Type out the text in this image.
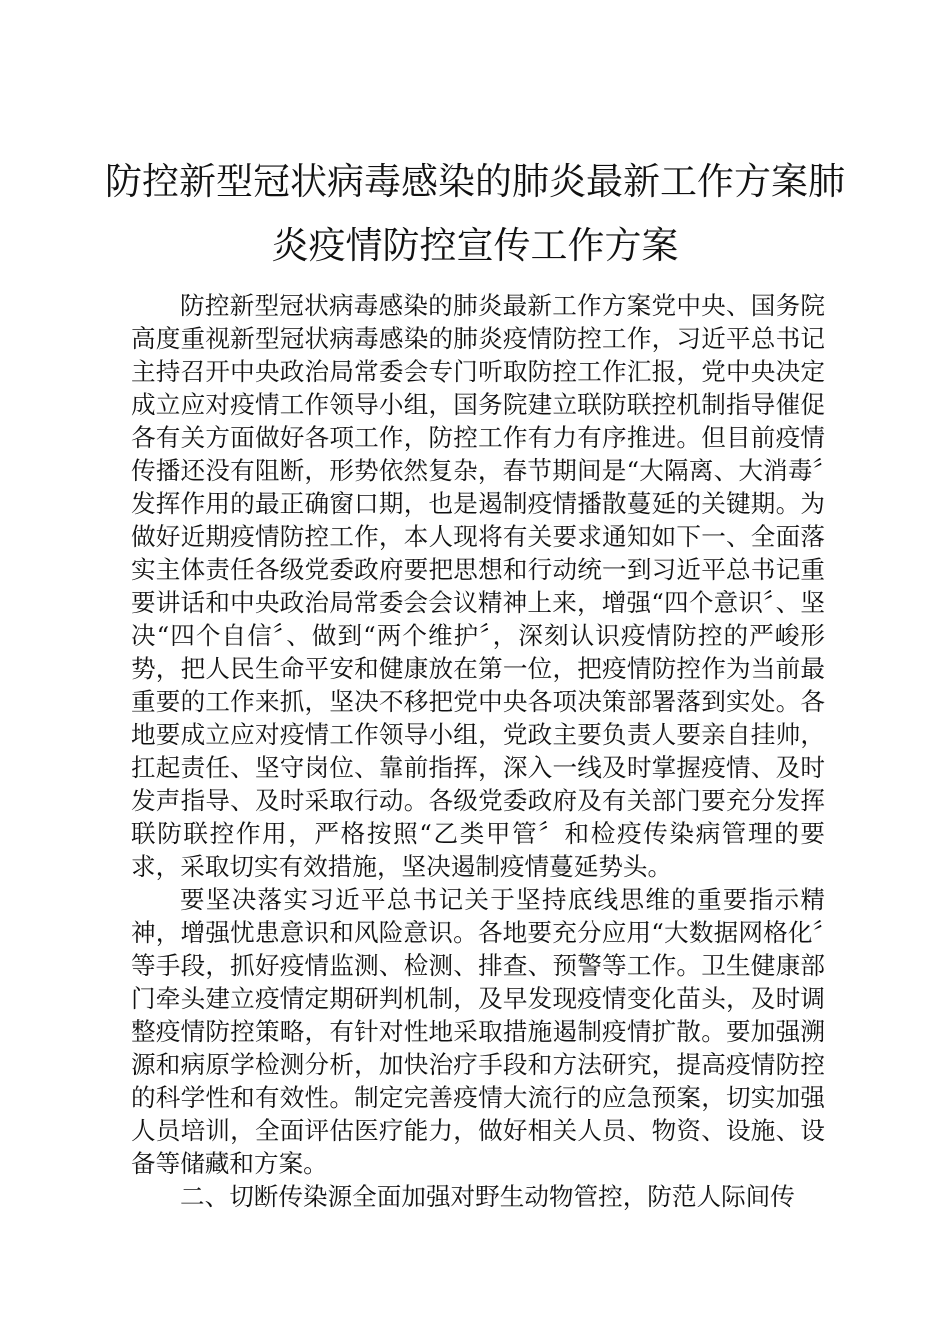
防控新型冠状病毒感染的肺炎最新工作方案肺
炎疫情防控宣传工作方案

防控新型冠状病毒感染的肺炎最新工作方案党中央、国务院高度重视新型冠状病毒感染的肺炎疫情防控工作，习近平总书记主持召开中央政治局常委会专门听取防控工作汇报，党中央决定成立应对疫情工作领导小组，国务院建立联防联控机制指导催促各有关方面做好各项工作，防控工作有力有序推进。但目前疫情传播还没有阻断，形势依然复杂，春节期间是“大隔离、大消毒〞发挥作用的最正确窗口期，也是遏制疫情播散蔓延的关键期。为做好近期疫情防控工作，本人现将有关要求通知如下一、全面落实主体责任各级党委政府要把思想和行动统一到习近平总书记重要讲话和中央政治局常委会会议精神上来，增强“四个意识〞、坚决“四个自信〞、做到“两个维护〞，深刻认识疫情防控的严峻形势，把人民生命平安和健康放在第一位，把疫情防控作为当前最重要的工作来抓，坚决不移把党中央各项决策部署落到实处。各地要成立应对疫情工作领导小组，党政主要负责人要亲自挂帅，扛起责任、坚守岗位、靠前指挥，深入一线及时掌握疫情、及时发声指导、及时采取行动。各级党委政府及有关部门要充分发挥联防联控作用，严格按照“乙类甲管〞和检疫传染病管理的要求，采取切实有效措施，坚决遏制疫情蔓延势头。

要坚决落实习近平总书记关于坚持底线思维的重要指示精神，增强忧患意识和风险意识。各地要充分应用“大数据网格化〞等手段，抓好疫情监测、检测、排查、预警等工作。卫生健康部门牵头建立疫情定期研判机制，及早发现疫情变化苗头，及时调整疫情防控策略，有针对性地采取措施遏制疫情扩散。要加强溯源和病原学检测分析，加快治疗手段和方法研究，提高疫情防控的科学性和有效性。制定完善疫情大流行的应急预案，切实加强人员培训，全面评估医疗能力，做好相关人员、物资、设施、设备等储藏和方案。

二、切断传染源全面加强对野生动物管控，防范人际间传
